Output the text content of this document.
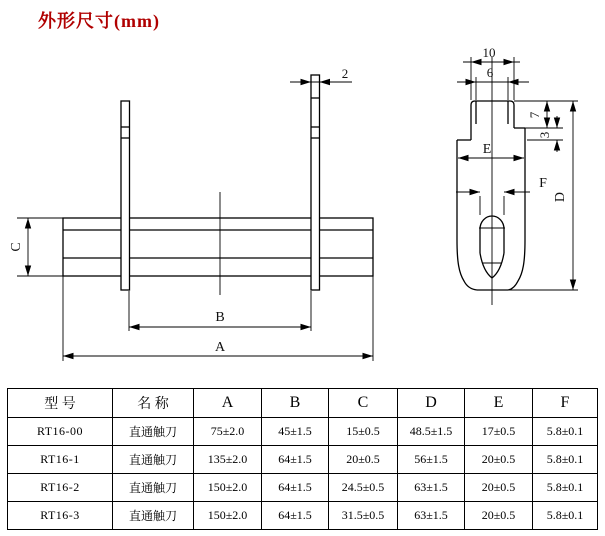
外形尺寸(mm)
2
C
B
A
10
6
7
3
E
F
D
型 号	名 称	A	B	C	D	E	F
RT16-00	直通触刀	75±2.0	45±1.5	15±0.5	48.5±1.5	17±0.5	5.8±0.1
RT16-1	直通触刀	135±2.0	64±1.5	20±0.5	56±1.5	20±0.5	5.8±0.1
RT16-2	直通触刀	150±2.0	64±1.5	24.5±0.5	63±1.5	20±0.5	5.8±0.1
RT16-3	直通触刀	150±2.0	64±1.5	31.5±0.5	63±1.5	20±0.5	5.8±0.1
